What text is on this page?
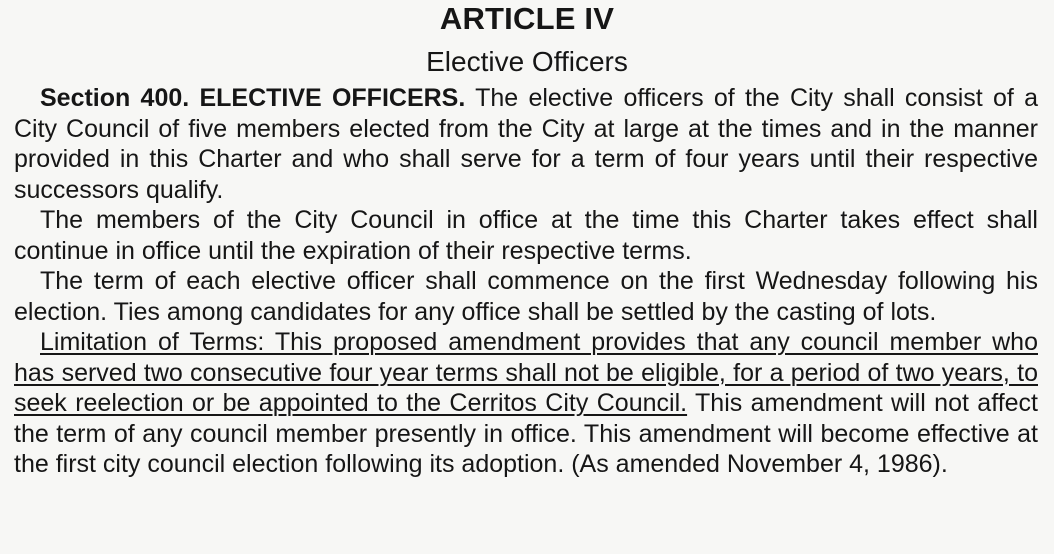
ARTICLE IV
Elective Officers

Section 400. ELECTIVE OFFICERS. The elective officers of the City shall consist of a City Council of five members elected from the City at large at the times and in the manner provided in this Charter and who shall serve for a term of four years until their respective successors qualify.

The members of the City Council in office at the time this Charter takes effect shall continue in office until the expiration of their respective terms.

The term of each elective officer shall commence on the first Wednesday following his election. Ties among candidates for any office shall be settled by the casting of lots.

Limitation of Terms: This proposed amendment provides that any council member who has served two consecutive four year terms shall not be eligible, for a period of two years, to seek reelection or be appointed to the Cerritos City Council. This amendment will not affect the term of any council member presently in office. This amendment will become effective at the first city council election following its adoption. (As amended November 4, 1986).
